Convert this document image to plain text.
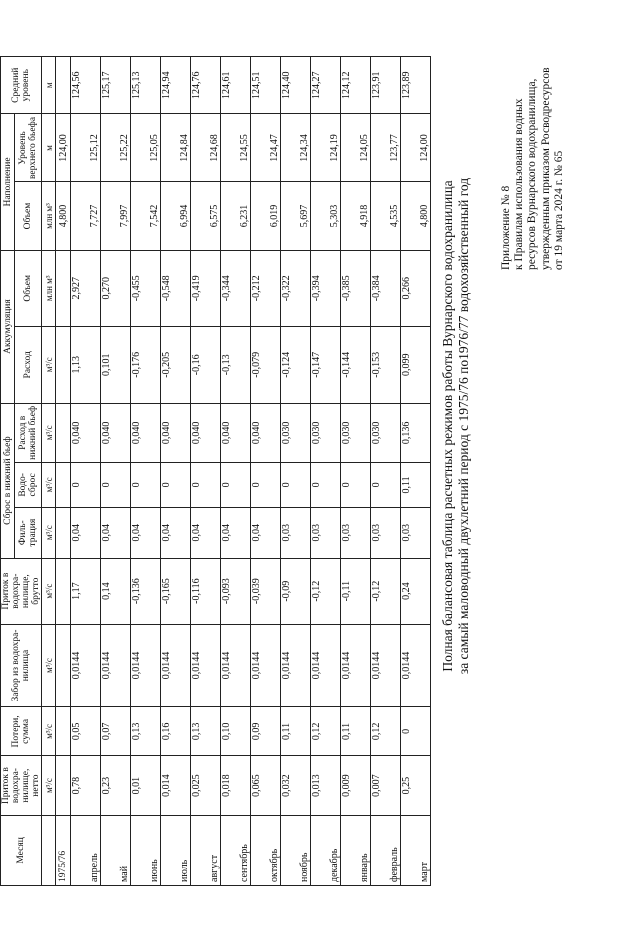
Приложение № 8 к Правилам использования водных ресурсов Вурнарского водохранилища, утвержденным приказом Росводресурсов от 19 марта 2024 г. № 65
Полная балансовая таблица расчетных режимов работы Вурнарского водохранилища за самый маловодный двухлетний период с 1975/76 по1976/77 водохозяйственный год
Месяц	Приток в водохра-нилище, нетто	Потери, сумма	Забор из водохра-нилища	Приток в водохра-нилище, брутто	Сброс в нижний бьеф			Аккумуляция		Наполнение		Средний уровень
					Филь-трация	Водо-сброс	Расход в нижний бьеф	Расход	Объем	Объем	Уровень верхнего бьефа	
	м³/с	м³/с	м³/с	м³/с	м³/с	м³/с	м³/с	м³/с	млн м³	млн м³	м	м
1975/76										4,800	124,00	
апрель	0,78	0,05	0,0144	1,17	0,04	0	0,040	1,13	2,927	7,727	125,12	124,56
май	0,23	0,07	0,0144	0,14	0,04	0	0,040	0,101	0,270	7,997	125,22	125,17
июнь	0,01	0,13	0,0144	-0,136	0,04	0	0,040	-0,176	-0,455	7,542	125,05	125,13
июль	0,014	0,16	0,0144	-0,165	0,04	0	0,040	-0,205	-0,548	6,994	124,84	124,94
август	0,025	0,13	0,0144	-0,116	0,04	0	0,040	-0,16	-0,419	6,575	124,68	124,76
сентябрь	0,018	0,10	0,0144	-0,093	0,04	0	0,040	-0,13	-0,344	6,231	124,55	124,61
октябрь	0,065	0,09	0,0144	-0,039	0,04	0	0,040	-0,079	-0,212	6,019	124,47	124,51
ноябрь	0,032	0,11	0,0144	-0,09	0,03	0	0,030	-0,124	-0,322	5,697	124,34	124,40
декабрь	0,013	0,12	0,0144	-0,12	0,03	0	0,030	-0,147	-0,394	5,303	124,19	124,27
январь	0,009	0,11	0,0144	-0,11	0,03	0	0,030	-0,144	-0,385	4,918	124,05	124,12
февраль	0,007	0,12	0,0144	-0,12	0,03	0	0,030	-0,153	-0,384	4,535	123,77	123,91
март	0,25	0	0,0144	0,24	0,03	0,11	0,136	0,099	0,266	4,800	124,00	123,89
